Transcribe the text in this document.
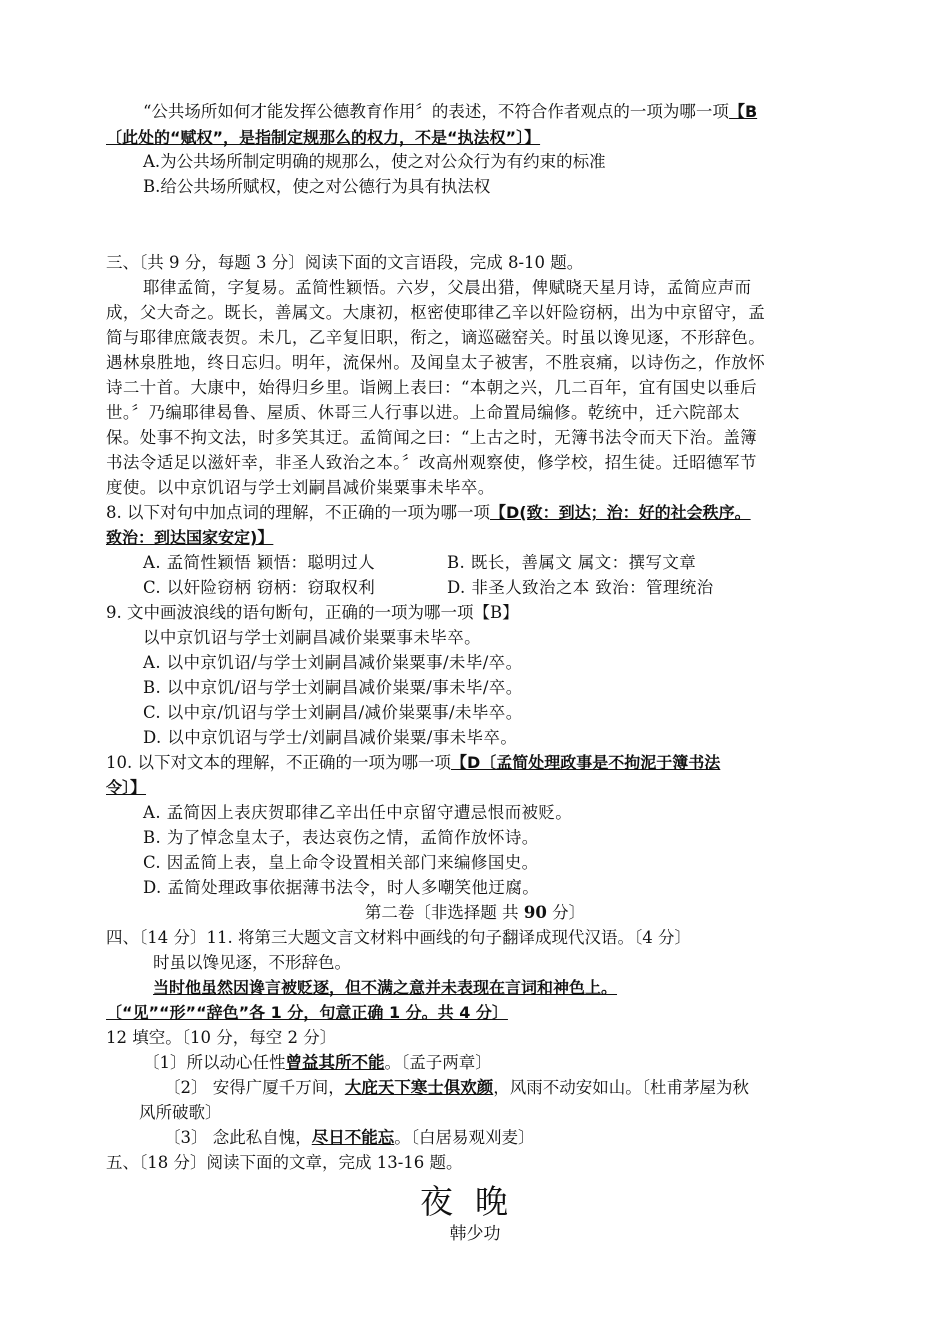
“公共场所如何才能发挥公德教育作用〞的表述，不符合作者观点的一项为哪一项【B
〔此处的“赋权”，是指制定规那么的权力，不是“执法权”〕】
A.为公共场所制定明确的规那么，使之对公众行为有约束的标准
B.给公共场所赋权，使之对公德行为具有执法权
三、〔共 9 分，每题 3 分〕阅读下面的文言语段，完成 8-10 题。
耶律孟简，字复易。孟简性颖悟。六岁，父晨出猎，俾赋晓天星月诗，孟简应声而
成，父大奇之。既长，善属文。大康初，枢密使耶律乙辛以奸险窃柄，出为中京留守，孟
简与耶律庶箴表贺。未几，乙辛复旧职，衔之，谪巡磁窑关。时虽以谗见逐，不形辞色。
遇林泉胜地，终日忘归。明年，流保州。及闻皇太子被害，不胜哀痛，以诗伤之，作放怀
诗二十首。大康中，始得归乡里。诣阙上表曰：“本朝之兴，几二百年，宜有国史以垂后
世。〞乃编耶律曷鲁、屋质、休哥三人行事以进。上命置局编修。乾统中，迁六院部太
保。处事不拘文法，时多笑其迂。孟简闻之曰：“上古之时，无簿书法令而天下治。盖簿
书法令适足以滋奸幸，非圣人致治之本。〞改高州观察使，修学校，招生徒。迁昭德军节
度使。以中京饥诏与学士刘嗣昌减价粜粟事未毕卒。
8. 以下对句中加点词的理解，不正确的一项为哪一项【D(致：到达；治：好的社会秩序。
致治：到达国家安定)】
A. 孟简性颖悟 颖悟：聪明过人	B. 既长，善属文 属文：撰写文章
C. 以奸险窃柄 窃柄：窃取权利	D. 非圣人致治之本 致治：管理统治
9. 文中画波浪线的语句断句，正确的一项为哪一项【B】
以中京饥诏与学士刘嗣昌减价粜粟事未毕卒。
A. 以中京饥诏/与学士刘嗣昌减价粜粟事/未毕/卒。
B. 以中京饥/诏与学士刘嗣昌减价粜粟/事未毕/卒。
C. 以中京/饥诏与学士刘嗣昌/减价粜粟事/未毕卒。
D. 以中京饥诏与学士/刘嗣昌减价粜粟/事未毕卒。
10. 以下对文本的理解，不正确的一项为哪一项【D〔孟简处理政事是不拘泥于簿书法
令〕】
A. 孟简因上表庆贺耶律乙辛出任中京留守遭忌恨而被贬。
B. 为了悼念皇太子，表达哀伤之情，孟简作放怀诗。
C. 因孟简上表，皇上命令设置相关部门来编修国史。
D. 孟简处理政事依据薄书法令，时人多嘲笑他迂腐。
第二卷〔非选择题 共 90 分〕
四、〔14 分〕11. 将第三大题文言文材料中画线的句子翻译成现代汉语。〔4 分〕
时虽以馋见逐，不形辞色。
当时他虽然因谗言被贬逐，但不满之意并未表现在言词和神色上。
〔“见”“形”“辞色”各 1 分，句意正确 1 分。共 4 分〕
12 填空。〔10 分，每空 2 分〕
〔1〕所以动心任性曾益其所不能。〔孟子两章〕
〔2〕 安得广厦千万间，大庇天下寒士俱欢颜，风雨不动安如山。〔杜甫茅屋为秋
风所破歌〕
〔3〕 念此私自愧，尽日不能忘。〔白居易观刈麦〕
五、〔18 分〕阅读下面的文章，完成 13-16 题。
夜晚
韩少功
